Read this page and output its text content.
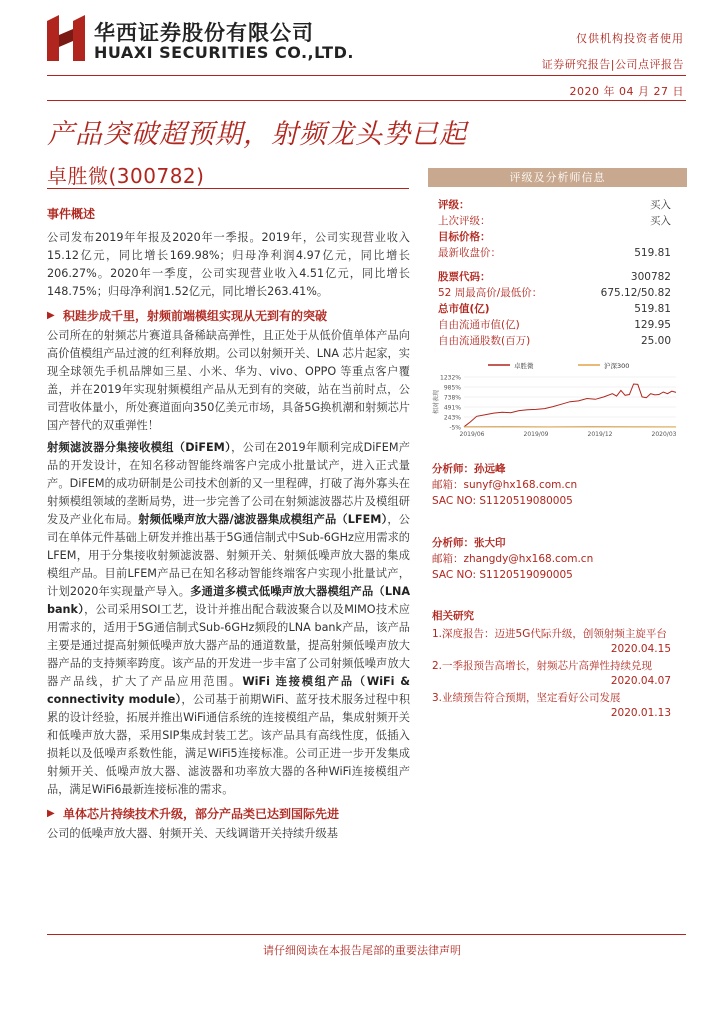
华西证券股份有限公司
HUAXI SECURITIES CO.,LTD.
仅供机构投资者使用
证券研究报告|公司点评报告
2020 年 04 月 27 日
产品突破超预期，射频龙头势已起
卓胜微(300782)
事件概述
公司发布2019年年报及2020年一季报。2019年，公司实现营业收入15.12亿元，同比增长169.98%；归母净利润4.97亿元，同比增长206.27%。2020年一季度，公司实现营业收入4.51亿元，同比增长148.75%；归母净利润1.52亿元，同比增长263.41%。
▶ 积跬步成千里，射频前端模组实现从无到有的突破
公司所在的射频芯片赛道具备稀缺高弹性，且正处于从低价值单体产品向高价值模组产品过渡的红利释放期。公司以射频开关、LNA 芯片起家，实现全球领先手机品牌如三星、小米、华为、vivo、OPPO 等重点客户覆盖，并在2019年实现射频模组产品从无到有的突破，站在当前时点，公司营收体量小，所处赛道面向350亿美元市场，具备5G换机潮和射频芯片国产替代的双重弹性！
射频滤波器分集接收模组（DiFEM），公司在2019年顺利完成DiFEM产品的开发设计，在知名移动智能终端客户完成小批量试产，进入正式量产。DiFEM的成功研制是公司技术创新的又一里程碑，打破了海外寡头在射频模组领域的垄断局势，进一步完善了公司在射频滤波器芯片及模组研发及产业化布局。射频低噪声放大器/滤波器集成模组产品（LFEM），公司在单体元件基础上研发并推出基于5G通信制式中Sub-6GHz应用需求的LFEM，用于分集接收射频滤波器、射频开关、射频低噪声放大器的集成模组产品。目前LFEM产品已在知名移动智能终端客户实现小批量试产，计划2020年实现量产导入。多通道多模式低噪声放大器模组产品（LNA bank），公司采用SOI工艺，设计并推出配合载波聚合以及MIMO技术应用需求的，适用于5G通信制式Sub-6GHz频段的LNA bank产品，该产品主要是通过提高射频低噪声放大器产品的通道数量，提高射频低噪声放大器产品的支持频率跨度。该产品的开发进一步丰富了公司射频低噪声放大器产品线，扩大了产品应用范围。WiFi 连接模组产品（WiFi & connectivity module），公司基于前期WiFi、蓝牙技术服务过程中积累的设计经验，拓展并推出WiFi通信系统的连接模组产品，集成射频开关和低噪声放大器，采用SIP集成封装工艺。该产品具有高线性度，低插入损耗以及低噪声系数性能，满足WiFi5连接标准。公司正进一步开发集成射频开关、低噪声放大器、滤波器和功率放大器的各种WiFi连接模组产品，满足WiFi6最新连接标准的需求。
▶ 单体芯片持续技术升级，部分产品类已达到国际先进
公司的低噪声放大器、射频开关、天线调谐开关持续升级基
评级及分析师信息
评级：	买入
上次评级：	买入
目标价格：
最新收盘价：	519.81
股票代码：	300782
52 周最高价/最低价：	675.12/50.82
总市值(亿)	519.81
自由流通市值(亿)	129.95
自由流通股数(百万)	25.00
卓胜微	沪深300
-5%
243%
491%
738%
985%
1232%
相对表现
2019/06	2019/09	2019/12	2020/03
分析师：孙远峰
邮箱：sunyf@hx168.com.cn
SAC NO: S1120519080005
分析师：张大印
邮箱：zhangdy@hx168.com.cn
SAC NO: S1120519090005
相关研究
1.深度报告：迈进5G代际升级，创领射频主旋平台
2020.04.15
2.一季报预告高增长，射频芯片高弹性持续兑现
2020.04.07
3.业绩预告符合预期，坚定看好公司发展
2020.01.13
请仔细阅读在本报告尾部的重要法律声明
